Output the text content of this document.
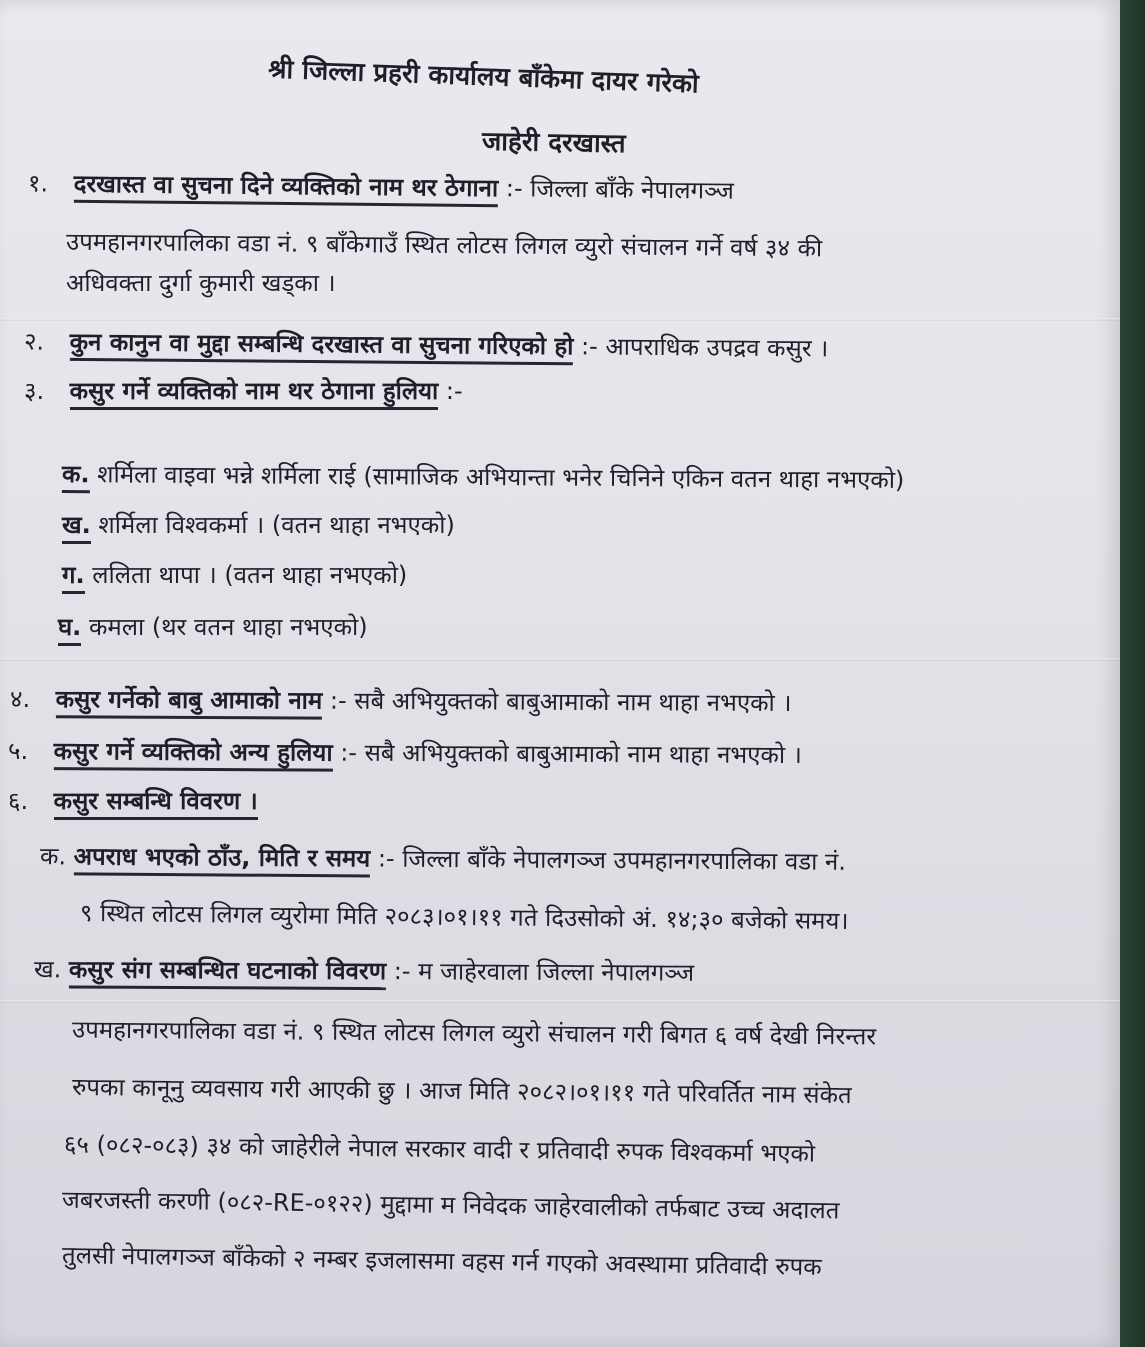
श्री जिल्ला प्रहरी कार्यालय बाँकेमा दायर गरेको
जाहेरी दरखास्त
१. दरखास्त वा सुचना दिने व्यक्तिको नाम थर ठेगाना :- जिल्ला बाँके नेपालगञ्ज
उपमहानगरपालिका वडा नं. ९ बाँकेगाउँ स्थित लोटस लिगल व्युरो संचालन गर्ने वर्ष ३४ की
अधिवक्ता दुर्गा कुमारी खड्का ।
२. कुन कानुन वा मुद्दा सम्बन्धि दरखास्त वा सुचना गरिएको हो :- आपराधिक उपद्रव कसुर ।
३. कसुर गर्ने व्यक्तिको नाम थर ठेगाना हुलिया :-
क. शर्मिला वाइवा भन्ने शर्मिला राई (सामाजिक अभियान्ता भनेर चिनिने एकिन वतन थाहा नभएको)
ख. शर्मिला विश्वकर्मा । (वतन थाहा नभएको)
ग. ललिता थापा । (वतन थाहा नभएको)
घ. कमला (थर वतन थाहा नभएको)
४. कसुर गर्नेको बाबु आमाको नाम :- सबै अभियुक्तको बाबुआमाको नाम थाहा नभएको ।
५. कसुर गर्ने व्यक्तिको अन्य हुलिया :- सबै अभियुक्तको बाबुआमाको नाम थाहा नभएको ।
६. कसुर सम्बन्धि विवरण ।
क. अपराध भएको ठाँउ, मिति र समय :- जिल्ला बाँके नेपालगञ्ज उपमहानगरपालिका वडा नं.
९ स्थित लोटस लिगल व्युरोमा मिति २०८३।०१।११ गते दिउसोको अं. १४;३० बजेको समय।
ख. कसुर संग सम्बन्धित घटनाको विवरण :- म जाहेरवाला जिल्ला नेपालगञ्ज
उपमहानगरपालिका वडा नं. ९ स्थित लोटस लिगल व्युरो संचालन गरी बिगत ६ वर्ष देखी निरन्तर
रुपका कानूनु व्यवसाय गरी आएकी छु । आज मिति २०८२।०१।११ गते परिवर्तित नाम संकेत
६५ (०८२-०८३) ३४ को जाहेरीले नेपाल सरकार वादी र प्रतिवादी रुपक विश्वकर्मा भएको
जबरजस्ती करणी (०८२-RE-०१२२) मुद्दामा म निवेदक जाहेरवालीको तर्फबाट उच्च अदालत
तुलसी नेपालगञ्ज बाँकेको २ नम्बर इजलासमा वहस गर्न गएको अवस्थामा प्रतिवादी रुपक
